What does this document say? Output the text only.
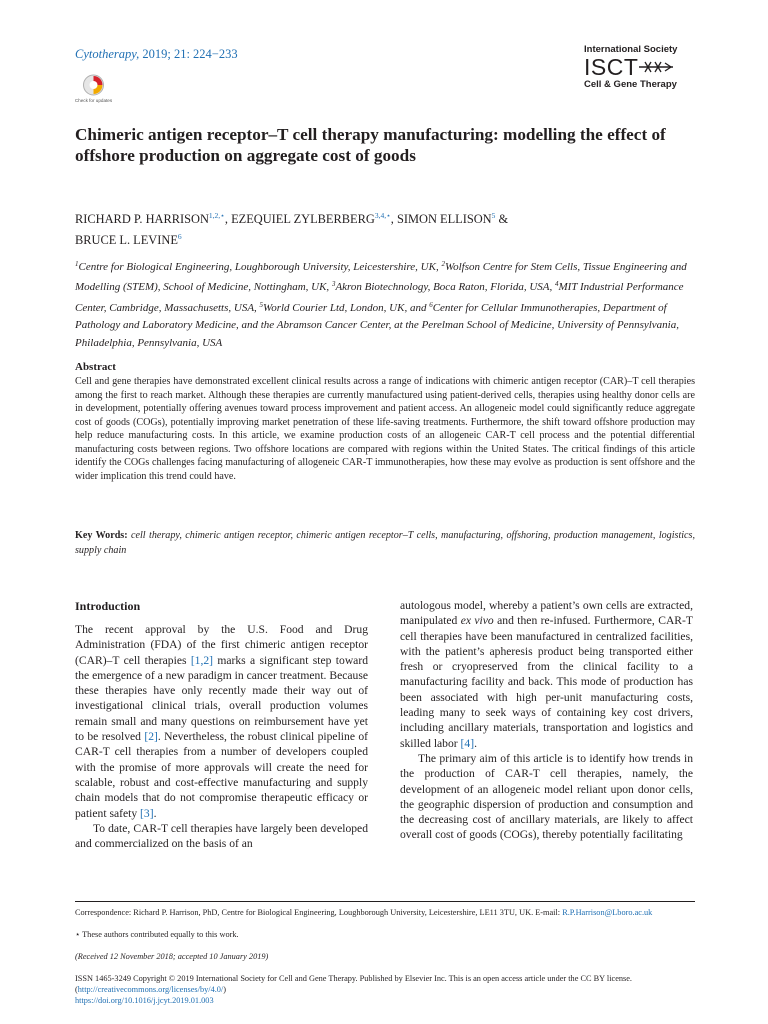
Cytotherapy, 2019; 21: 224−233
Check for updates
International Society
ISCT
Cell & Gene Therapy
Chimeric antigen receptor–T cell therapy manufacturing: modelling the effect of offshore production on aggregate cost of goods
RICHARD P. $HARRISON^{1,2,⋆}$, EZEQUIEL $ZYLBERBERG^{3,4,⋆}$, SIMON ELLISON$^5$ &
BRUCE L. LEVINE$^6$
$^1$Centre for Biological Engineering, Loughborough University, Leicestershire, UK, $^2$Wolfson Centre for Stem Cells, Tissue Engineering and Modelling (STEM), School of Medicine, Nottingham, UK, $^3$Akron Biotechnology, Boca Raton, Florida, USA, $^4$MIT Industrial Performance Center, Cambridge, Massachusetts, USA, $^5$World Courier Ltd, London, UK, and $^6$Center for Cellular Immunotherapies, Department of Pathology and Laboratory Medicine, and the Abramson Cancer Center, at the Perelman School of Medicine, University of Pennsylvania, Philadelphia, Pennsylvania, USA
Abstract
Cell and gene therapies have demonstrated excellent clinical results across a range of indications with chimeric antigen receptor (CAR)–T cell therapies among the first to reach market. Although these therapies are currently manufactured using patient-derived cells, therapies using healthy donor cells are in development, potentially offering avenues toward process improvement and patient access. An allogeneic model could significantly reduce aggregate cost of goods (COGs), potentially improving market penetration of these life-saving treatments. Furthermore, the shift toward offshore production may help reduce manufacturing costs. In this article, we examine production costs of an allogeneic CAR-T cell process and the potential differential manufacturing costs between regions. Two offshore locations are compared with regions within the United States. The critical findings of this article identify the COGs challenges facing manufacturing of allogeneic CAR-T immunotherapies, how these may evolve as production is sent offshore and the wider implication this trend could have.
Key Words: cell therapy, chimeric antigen receptor, chimeric antigen receptor–T cells, manufacturing, offshoring, production management, logistics, supply chain
Introduction

The recent approval by the U.S. Food and Drug Administration (FDA) of the first chimeric antigen receptor (CAR)–T cell therapies [1,2] marks a significant step toward the emergence of a new paradigm in cancer treatment. Because these therapies have only recently made their way out of investigational clinical trials, overall production volumes remain small and many questions on reimbursement have yet to be resolved [2]. Nevertheless, the robust clinical pipeline of CAR-T cell therapies from a number of developers coupled with the promise of more approvals will create the need for scalable, robust and cost-effective manufacturing and supply chain models that do not compromise therapeutic efficacy or patient safety [3].

To date, CAR-T cell therapies have largely been developed and commercialized on the basis of an

autologous model, whereby a patient’s own cells are extracted, manipulated ex vivo and then re-infused. Furthermore, CAR-T cell therapies have been manufactured in centralized facilities, with the patient’s apheresis product being transported either fresh or cryopreserved from the clinical facility to a manufacturing facility and back. This mode of production has been associated with high per-unit manufacturing costs, leading many to seek ways of containing key cost drivers, including ancillary materials, transportation and logistics and skilled labor [4].

The primary aim of this article is to identify how trends in the production of CAR-T cell therapies, namely, the development of an allogeneic model reliant upon donor cells, the geographic dispersion of production and consumption and the decreasing cost of ancillary materials, are likely to affect overall cost of goods (COGs), thereby potentially facilitating

Correspondence: Richard P. Harrison, PhD, Centre for Biological Engineering, Loughborough University, Leicestershire, LE11 3TU, UK. E-mail: R.P.Harrison@Lboro.ac.uk
⋆ These authors contributed equally to this work.
(Received 12 November 2018; accepted 10 January 2019)
ISSN 1465-3249 Copyright © 2019 International Society for Cell and Gene Therapy. Published by Elsevier Inc. This is an open access article under the CC BY license. (http://creativecommons.org/licenses/by/4.0/)
https://doi.org/10.1016/j.jcyt.2019.01.003
